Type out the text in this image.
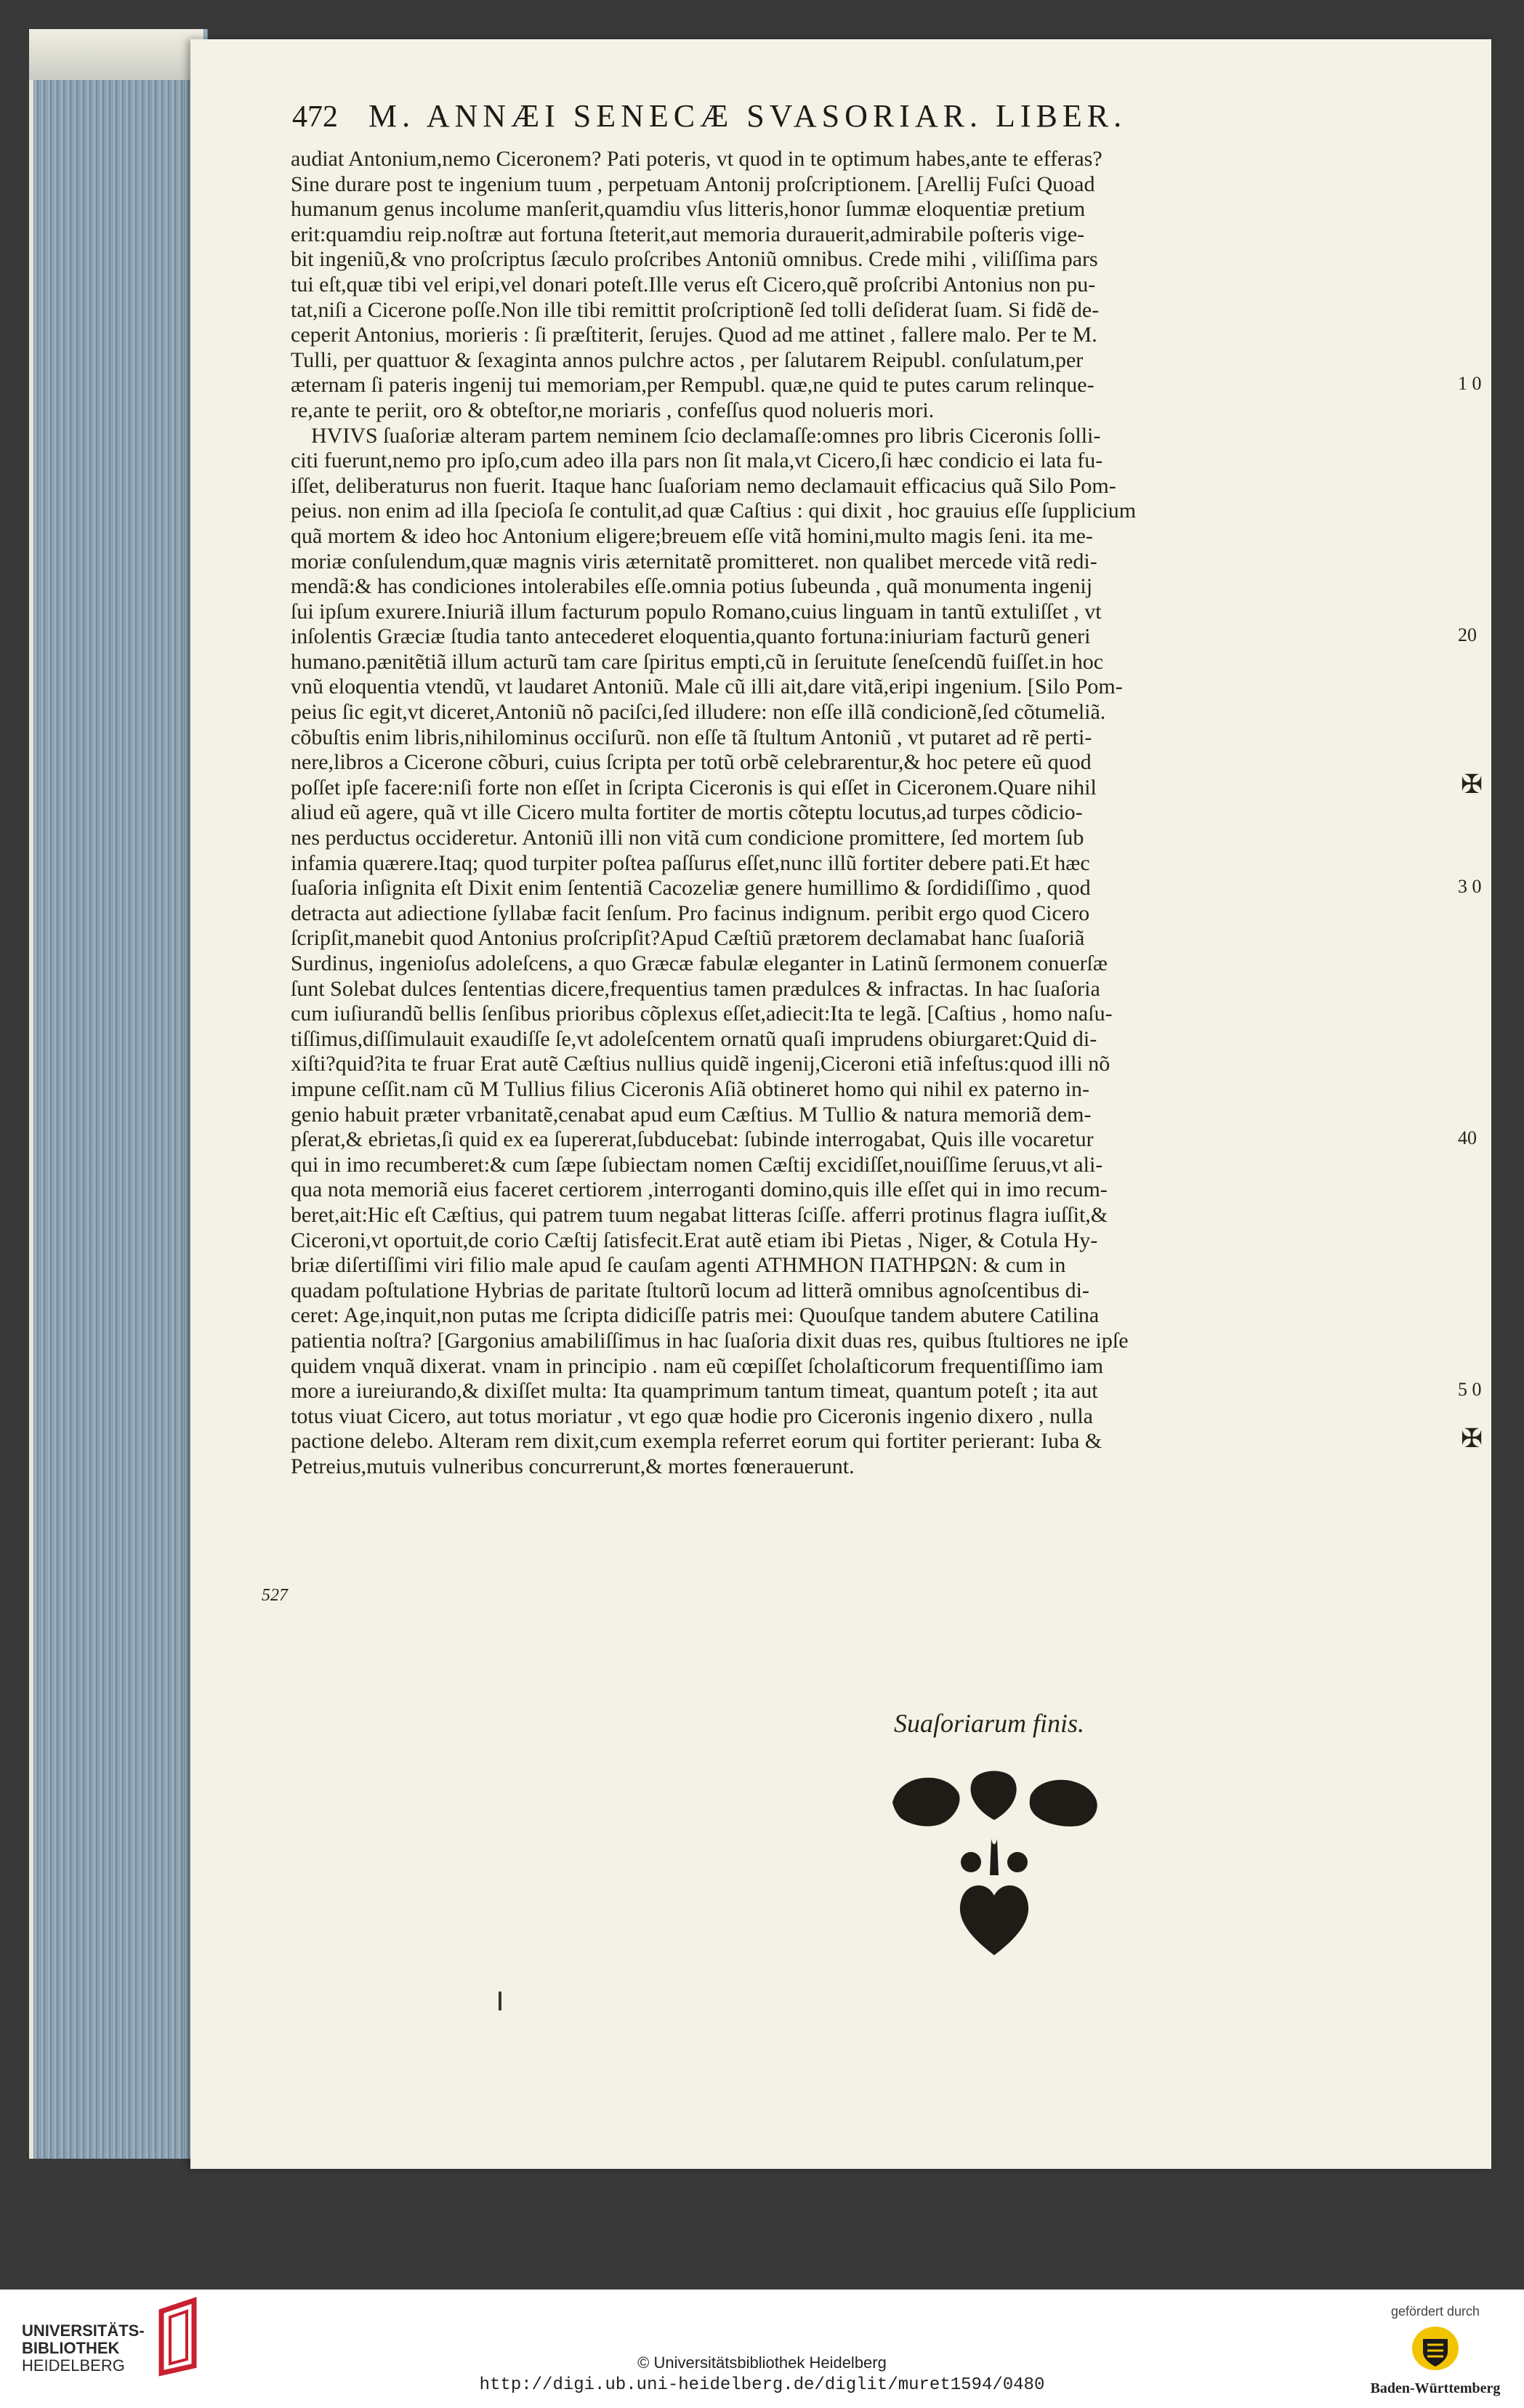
472 M. ANNÆI SENECÆ SVASORIAR. LIBER.
audiat Antonium,nemo Ciceronem? Pati poteris, vt quod in te optimum habes,ante te efferas?
Sine durare post te ingenium tuum , perpetuam Antonij proſcriptionem. [Arellij Fuſci Quoad
humanum genus incolume manſerit,quamdiu vſus litteris,honor ſummæ eloquentiæ pretium
erit:quamdiu reip.noſtræ aut fortuna ſteterit,aut memoria durauerit,admirabile poſteris vige-
bit ingeniũ,& vno proſcriptus ſæculo proſcribes Antoniũ omnibus. Crede mihi , viliſſima pars
tui eſt,quæ tibi vel eripi,vel donari poteſt.Ille verus eſt Cicero,quẽ proſcribi Antonius non pu-
tat,niſi a Cicerone poſſe.Non ille tibi remittit proſcriptionẽ ſed tolli deſiderat ſuam. Si fidẽ de-
ceperit Antonius, morieris : ſi præſtiterit, ſerujes. Quod ad me attinet , fallere malo. Per te M.
Tulli, per quattuor & ſexaginta annos pulchre actos , per ſalutarem Reipubl. conſulatum,per
æternam ſi pateris ingenij tui memoriam,per Rempubl. quæ,ne quid te putes carum relinque-
re,ante te periit, oro & obteſtor,ne moriaris , confeſſus quod nolueris mori.
HVIVS ſuaſoriæ alteram partem neminem ſcio declamaſſe:omnes pro libris Ciceronis ſolli-
citi fuerunt,nemo pro ipſo,cum adeo illa pars non ſit mala,vt Cicero,ſi hæc condicio ei lata fu-
iſſet, deliberaturus non fuerit. Itaque hanc ſuaſoriam nemo declamauit efficacius quã Silo Pom-
peius. non enim ad illa ſpecioſa ſe contulit,ad quæ Caſtius : qui dixit , hoc grauius eſſe ſupplicium
quã mortem & ideo hoc Antonium eligere;breuem eſſe vitã homini,multo magis ſeni. ita me-
moriæ conſulendum,quæ magnis viris æternitatẽ promitteret. non qualibet mercede vitã redi-
mendã:& has condiciones intolerabiles eſſe.omnia potius ſubeunda , quã monumenta ingenij
ſui ipſum exurere.Iniuriã illum facturum populo Romano,cuius linguam in tantũ extuliſſet , vt
inſolentis Græciæ ſtudia tanto antecederet eloquentia,quanto fortuna:iniuriam facturũ generi
humano.pænitẽtiã illum acturũ tam care ſpiritus empti,cũ in ſeruitute ſeneſcendũ fuiſſet.in hoc
vnũ eloquentia vtendũ, vt laudaret Antoniũ. Male cũ illi ait,dare vitã,eripi ingenium. [Silo Pom-
peius ſic egit,vt diceret,Antoniũ nõ paciſci,ſed illudere: non eſſe illã condicionẽ,ſed cõtumeliã.
cõbuſtis enim libris,nihilominus occiſurũ. non eſſe tã ſtultum Antoniũ , vt putaret ad rẽ perti-
nere,libros a Cicerone cõburi, cuius ſcripta per totũ orbẽ celebrarentur,& hoc petere eũ quod
poſſet ipſe facere:niſi forte non eſſet in ſcripta Ciceronis is qui eſſet in Ciceronem.Quare nihil
aliud eũ agere, quã vt ille Cicero multa fortiter de mortis cõteptu locutus,ad turpes cõdicio-
nes perductus occideretur. Antoniũ illi non vitã cum condicione promittere, ſed mortem ſub
infamia quærere.Itaq; quod turpiter poſtea paſſurus eſſet,nunc illũ fortiter debere pati.Et hæc
ſuaſoria inſignita eſt Dixit enim ſententiã Cacozeliæ genere humillimo & ſordidiſſimo , quod
detracta aut adiectione ſyllabæ facit ſenſum. Pro facinus indignum. peribit ergo quod Cicero
ſcripſit,manebit quod Antonius proſcripſit?Apud Cæſtiũ prætorem declamabat hanc ſuaſoriã
Surdinus, ingenioſus adoleſcens, a quo Græcæ fabulæ eleganter in Latinũ ſermonem conuerſæ
ſunt Solebat dulces ſententias dicere,frequentius tamen prædulces & infractas. In hac ſuaſoria
cum iuſiurandũ bellis ſenſibus prioribus cõplexus eſſet,adiecit:Ita te legã. [Caſtius , homo naſu-
tiſſimus,diſſimulauit exaudiſſe ſe,vt adoleſcentem ornatũ quaſi imprudens obiurgaret:Quid di-
xiſti?quid?ita te fruar Erat autẽ Cæſtius nullius quidẽ ingenij,Ciceroni etiã infeſtus:quod illi nõ
impune ceſſit.nam cũ M Tullius filius Ciceronis Aſiã obtineret homo qui nihil ex paterno in-
genio habuit præter vrbanitatẽ,cenabat apud eum Cæſtius. M Tullio & natura memoriã dem-
pſerat,& ebrietas,ſi quid ex ea ſupererat,ſubducebat: ſubinde interrogabat, Quis ille vocaretur
qui in imo recumberet:& cum ſæpe ſubiectam nomen Cæſtij excidiſſet,nouiſſime ſeruus,vt ali-
qua nota memoriã eius faceret certiorem ,interroganti domino,quis ille eſſet qui in imo recum-
beret,ait:Hic eſt Cæſtius, qui patrem tuum negabat litteras ſciſſe. afferri protinus flagra iuſſit,&
Ciceroni,vt oportuit,de corio Cæſtij ſatisfecit.Erat autẽ etiam ibi Pietas , Niger, & Cotula Hy-
briæ diſertiſſimi viri filio male apud ſe cauſam agenti ΑΤΗΜΗΟΝ ΠΑΤΗΡΩΝ: & cum in
quadam poſtulatione Hybrias de paritate ſtultorũ locum ad litterã omnibus agnoſcentibus di-
ceret: Age,inquit,non putas me ſcripta didiciſſe patris mei: Quouſque tandem abutere Catilina
patientia noſtra? [Gargonius amabiliſſimus in hac ſuaſoria dixit duas res, quibus ſtultiores ne ipſe
quidem vnquã dixerat. vnam in principio . nam eũ cœpiſſet ſcholaſticorum frequentiſſimo iam
more a iureiurando,& dixiſſet multa: Ita quamprimum tantum timeat, quantum poteſt ; ita aut
totus viuat Cicero, aut totus moriatur , vt ego quæ hodie pro Ciceronis ingenio dixero , nulla
pactione delebo. Alteram rem dixit,cum exempla referret eorum qui fortiter perierant: Iuba &
Petreius,mutuis vulneribus concurrerunt,& mortes fœnerauerunt.
1 0
20
3 0
40
5 0
✠
✠
527
Suaſoriarum finis.
UNIVERSITÄTS-
BIBLIOTHEK
HEIDELBERG	© Universitätsbibliothek Heidelberg
http://digi.ub.uni-heidelberg.de/diglit/muret1594/0480
gefördert durch
Baden-Württemberg
